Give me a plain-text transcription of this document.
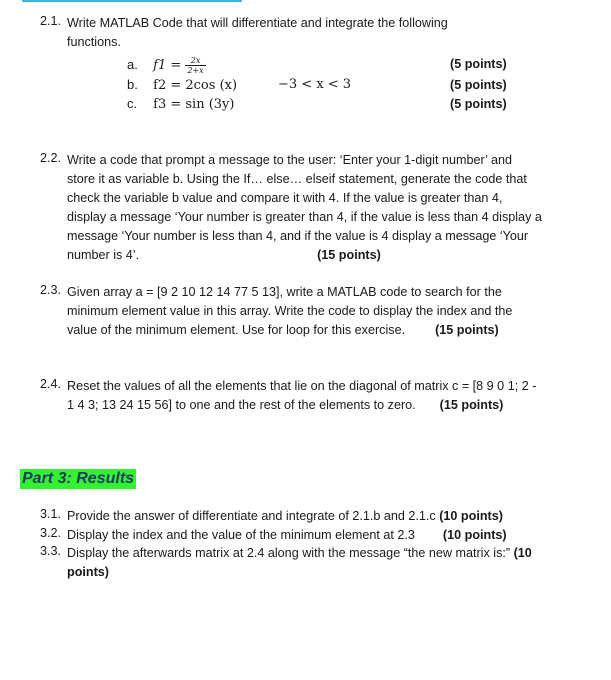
2.1. Write MATLAB Code that will differentiate and integrate the following

functions.

a. $f1 = \frac{2x}{2+x}$	(5 points)
b. f2 = 2cos (x)	−3 < x < 3	(5 points)
c. f3 = sin (3y)	(5 points)
2.2. Write a code that prompt a message to the user: ‘Enter your 1-digit number’ and

store it as variable b. Using the If… else… elseif statement, generate the code that

check the variable b value and compare it with 4. If the value is greater than 4,

display a message ‘Your number is greater than 4, if the value is less than 4 display a

message ‘Your number is less than 4, and if the value is 4 display a message ‘Your

number is 4’.	(15 points)

2.3. Given array a = [9 2 10 12 14 77 5 13], write a MATLAB code to search for the

minimum element value in this array. Write the code to display the index and the

value of the minimum element. Use for loop for this exercise. (15 points)

2.4. Reset the values of all the elements that lie on the diagonal of matrix c = [8 9 0 1; 2 -

1 4 3; 13 24 15 56] to one and the rest of the elements to zero. (15 points)

Part 3: Results
3.1. Provide the answer of differentiate and integrate of 2.1.b and 2.1.c (10 points)

3.2. Display the index and the value of the minimum element at 2.3 (10 points)

3.3. Display the afterwards matrix at 2.4 along with the message “the new matrix is:” (10

points)
